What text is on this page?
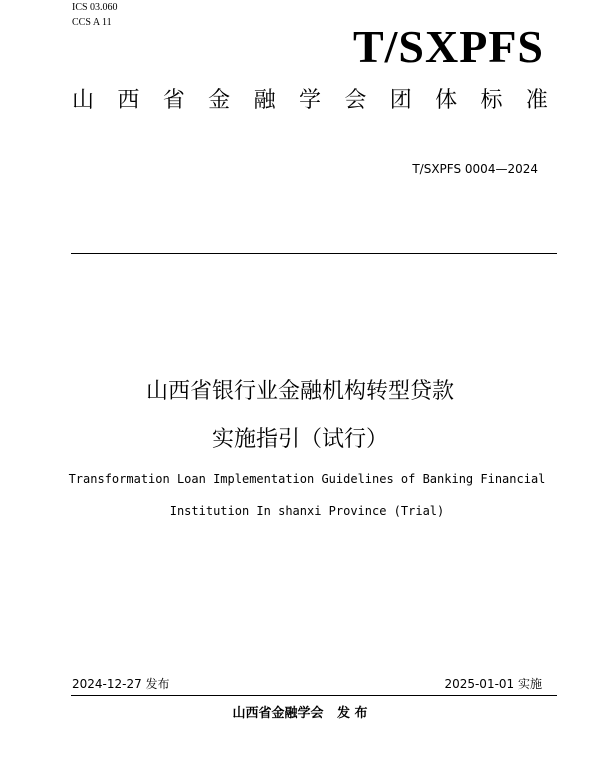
ICS 03.060
CCS A 11	T/SXPFS
山 西 省 金 融 学 会 团 体 标 准
T/SXPFS 0004—2024
山西省银行业金融机构转型贷款
实施指引（试行）
Transformation Loan Implementation Guidelines of Banking Financial
Institution In shanxi Province (Trial)
2024-12-27 发布	2025-01-01 实施
山西省金融学会   发 布
